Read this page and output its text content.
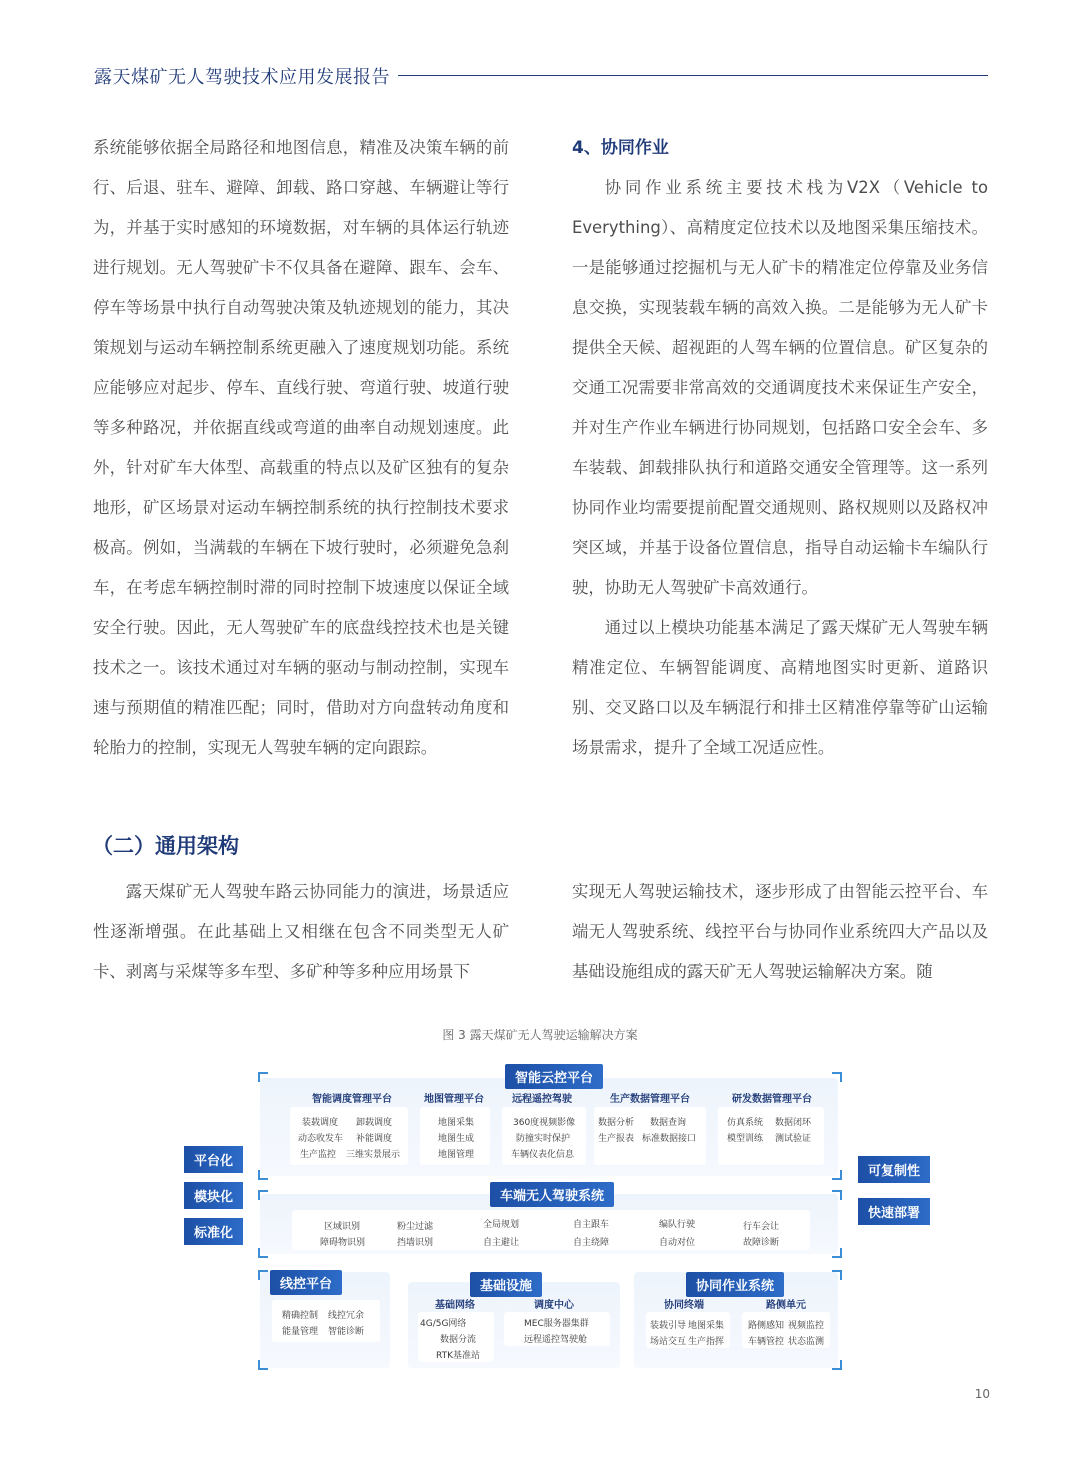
露天煤矿无人驾驶技术应用发展报告

系统能够依据全局路径和地图信息，精准及决策车辆的前行、后退、驻车、避障、卸载、路口穿越、车辆避让等行为，并基于实时感知的环境数据，对车辆的具体运行轨迹进行规划。无人驾驶矿卡不仅具备在避障、跟车、会车、停车等场景中执行自动驾驶决策及轨迹规划的能力，其决策规划与运动车辆控制系统更融入了速度规划功能。系统应能够应对起步、停车、直线行驶、弯道行驶、坡道行驶等多种路况，并依据直线或弯道的曲率自动规划速度。此外，针对矿车大体型、高载重的特点以及矿区独有的复杂地形，矿区场景对运动车辆控制系统的执行控制技术要求极高。例如，当满载的车辆在下坡行驶时，必须避免急刹车，在考虑车辆控制时滞的同时控制下坡速度以保证全域安全行驶。因此，无人驾驶矿车的底盘线控技术也是关键技术之一。该技术通过对车辆的驱动与制动控制，实现车速与预期值的精准匹配；同时，借助对方向盘转动角度和轮胎力的控制，实现无人驾驶车辆的定向跟踪。

4、协同作业

协同作业系统主要技术栈为V2X（Vehicle to Everything）、高精度定位技术以及地图采集压缩技术。一是能够通过挖掘机与无人矿卡的精准定位停靠及业务信息交换，实现装载车辆的高效入换。二是能够为无人矿卡提供全天候、超视距的人驾车辆的位置信息。矿区复杂的交通工况需要非常高效的交通调度技术来保证生产安全，并对生产作业车辆进行协同规划，包括路口安全会车、多车装载、卸载排队执行和道路交通安全管理等。这一系列协同作业均需要提前配置交通规则、路权规则以及路权冲突区域，并基于设备位置信息，指导自动运输卡车编队行驶，协助无人驾驶矿卡高效通行。

通过以上模块功能基本满足了露天煤矿无人驾驶车辆精准定位、车辆智能调度、高精地图实时更新、道路识别、交叉路口以及车辆混行和排土区精准停靠等矿山运输场景需求，提升了全域工况适应性。

（二）通用架构

露天煤矿无人驾驶车路云协同能力的演进，场景适应性逐渐增强。在此基础上又相继在包含不同类型无人矿卡、剥离与采煤等多车型、多矿种等多种应用场景下

实现无人驾驶运输技术，逐步形成了由智能云控平台、车端无人驾驶系统、线控平台与协同作业系统四大产品以及基础设施组成的露天矿无人驾驶运输解决方案。随

图 3 露天煤矿无人驾驶运输解决方案
平台化
模块化
标准化
可复制性
快速部署
智能云控平台
智能调度管理平台
装载调度 卸载调度
动态收发车 补能调度
生产监控 三维实景展示
地图管理平台
地图采集
地图生成
地图管理
远程遥控驾驶
360度视频影像
防撞实时保护
车辆仪表化信息
生产数据管理平台
数据分析 数据查询
生产报表 标准数据接口
研发数据管理平台
仿真系统 数据闭环
模型训练 测试验证
车端无人驾驶系统
区域识别
障碍物识别
粉尘过滤
挡墙识别
全局规划
自主避让
自主跟车
自主绕障
编队行驶
自动对位
行车会让
故障诊断
线控平台
精确控制 线控冗余
能量管理 智能诊断
基础设施
基础网络
4G/5G网络
数据分流
RTK基准站
调度中心
MEC服务器集群
远程遥控驾驶舱
协同作业系统
协同终端
装载引导 地图采集
场站交互 生产指挥
路侧单元
路侧感知 视频监控
车辆管控 状态监测
10
